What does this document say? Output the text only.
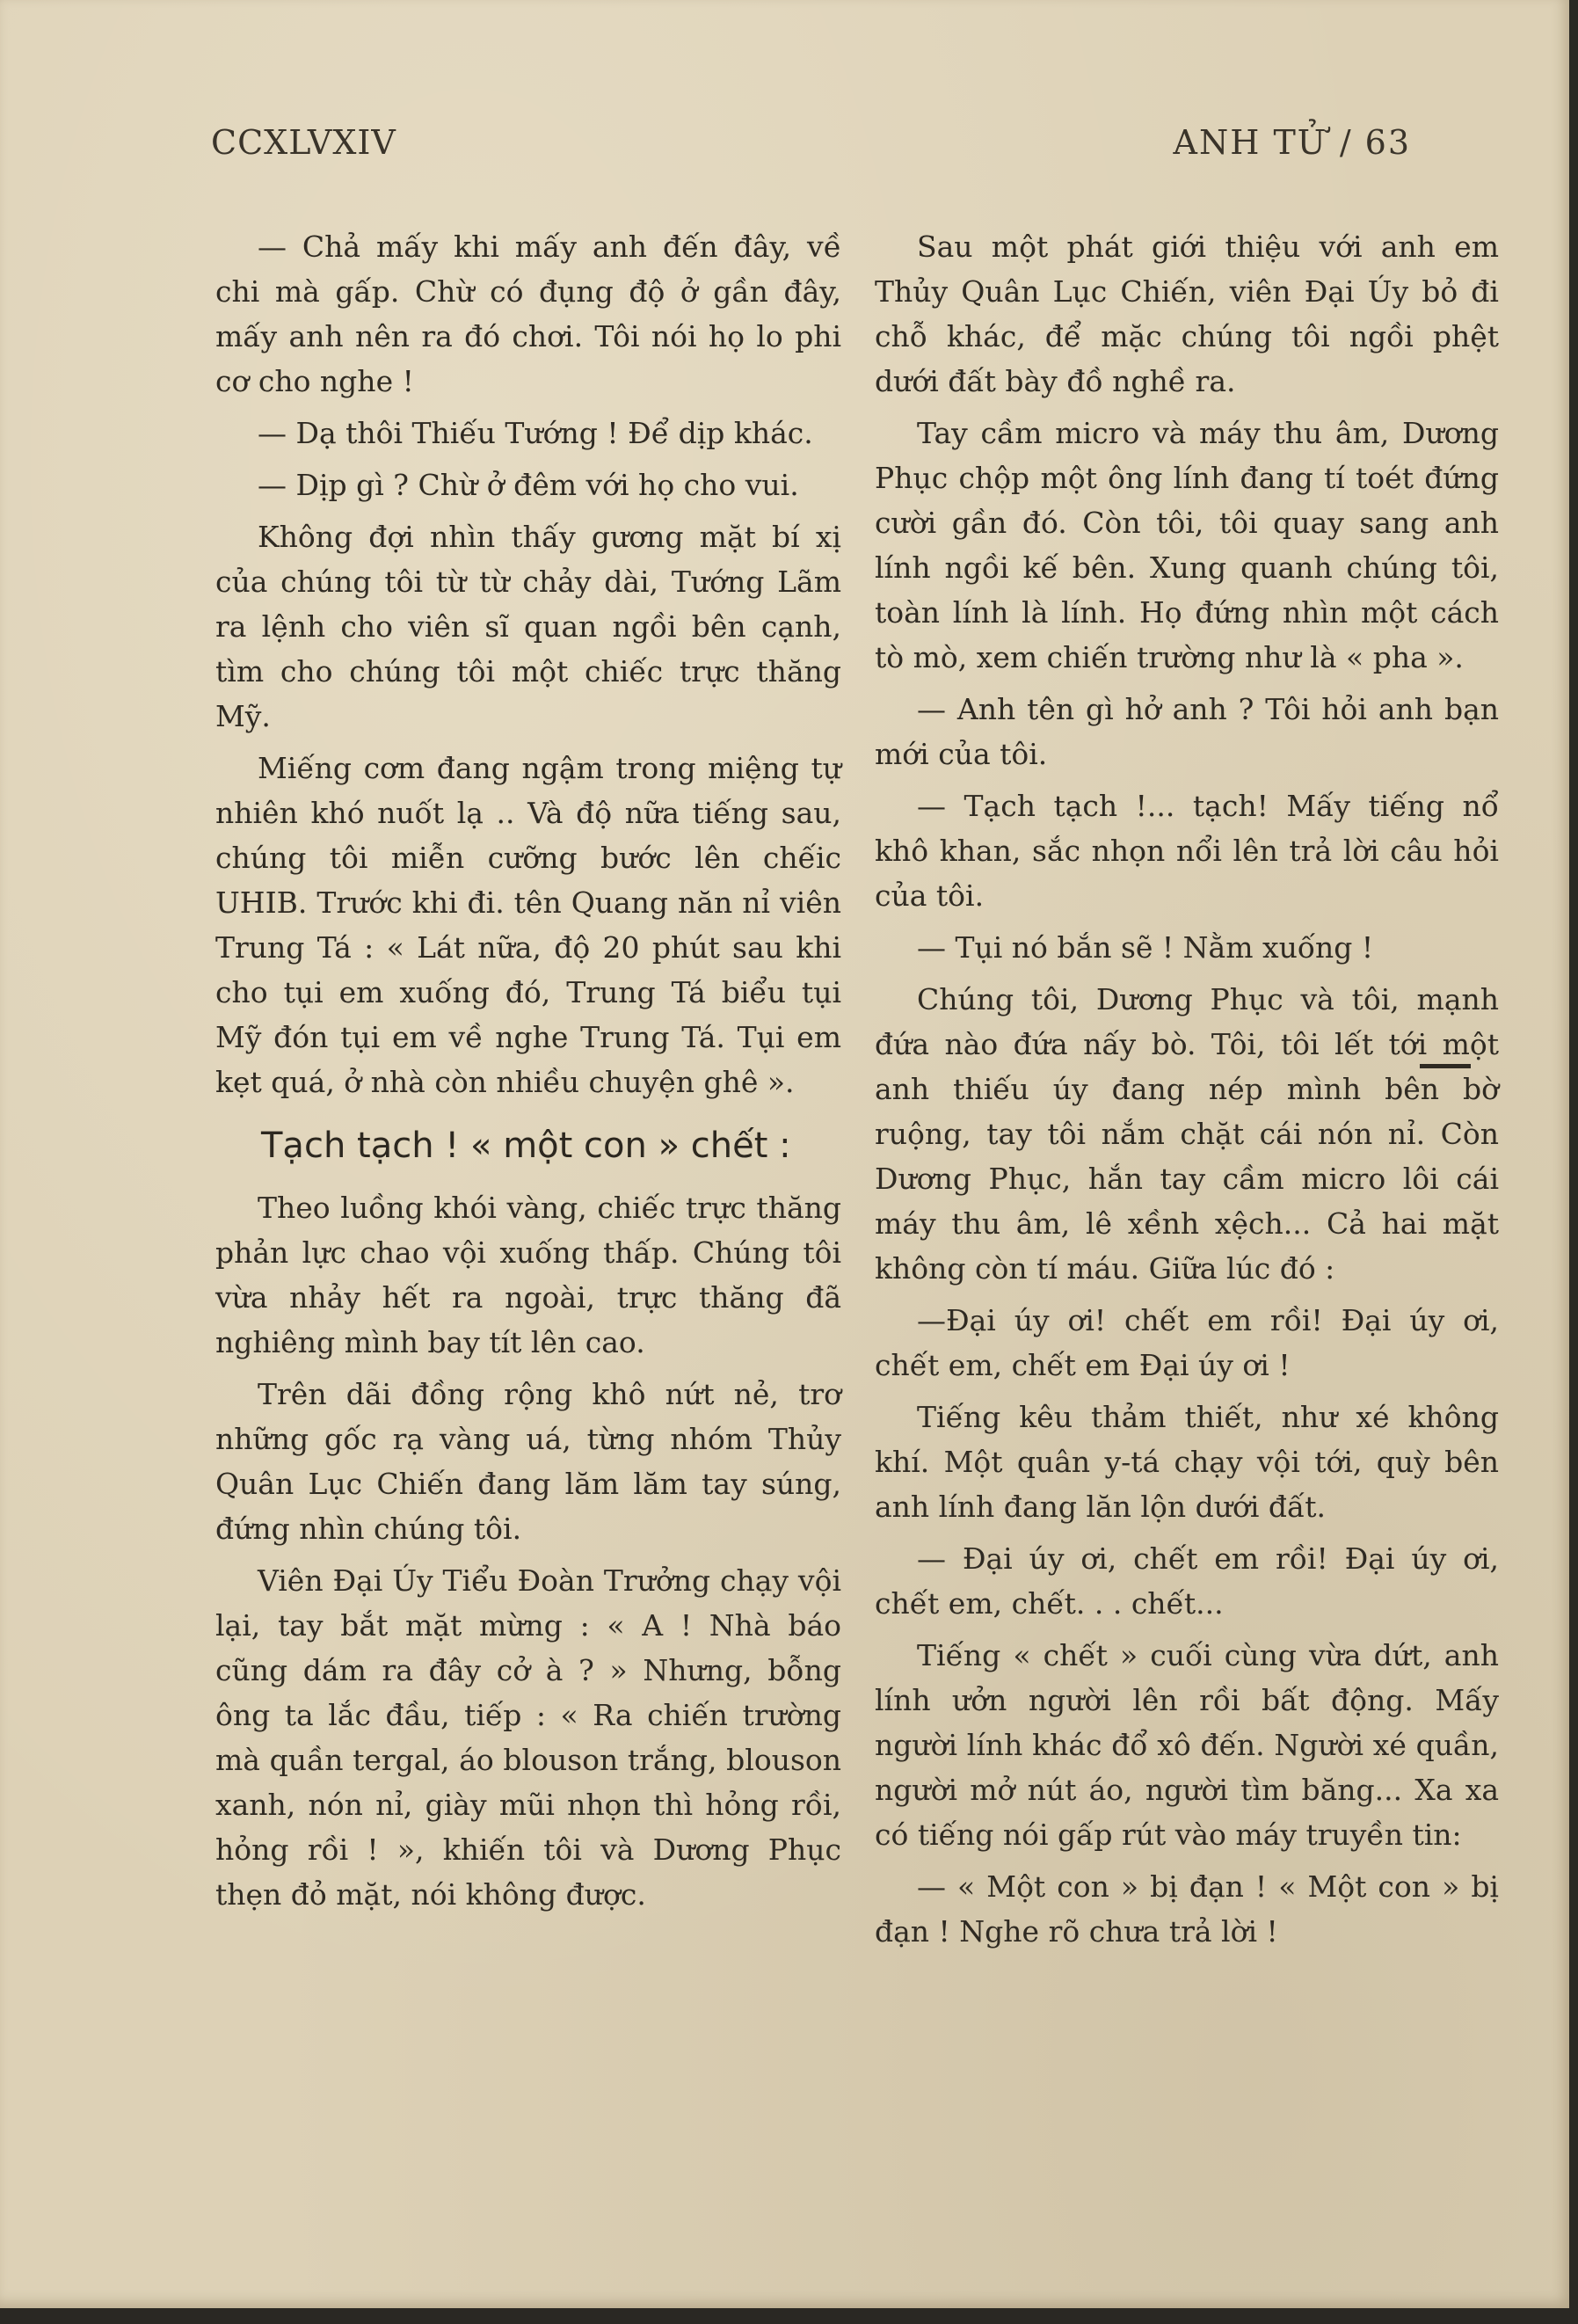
CCXLVXIV	ANH TỬ / 63

— Chả mấy khi mấy anh đến đây, về chi mà gấp. Chừ có đụng độ ở gần đây, mấy anh nên ra đó chơi. Tôi nói họ lo phi cơ cho nghe !

— Dạ thôi Thiếu Tướng ! Để dịp khác.

— Dịp gì ? Chừ ở đêm với họ cho vui.

Không đợi nhìn thấy gương mặt bí xị của chúng tôi từ từ chảy dài, Tướng Lãm ra lệnh cho viên sĩ quan ngồi bên cạnh, tìm cho chúng tôi một chiếc trực thăng Mỹ.

Miếng cơm đang ngậm trong miệng tự nhiên khó nuốt lạ .. Và độ nữa tiếng sau, chúng tôi miễn cưỡng bước lên chếic UHIB. Trước khi đi. tên Quang năn nỉ viên Trung Tá : « Lát nữa, độ 20 phút sau khi cho tụi em xuống đó, Trung Tá biểu tụi Mỹ đón tụi em về nghe Trung Tá. Tụi em kẹt quá, ở nhà còn nhiều chuyện ghê ».

Tạch tạch ! « một con » chết :

Theo luồng khói vàng, chiếc trực thăng phản lực chao vội xuống thấp. Chúng tôi vừa nhảy hết ra ngoài, trực thăng đã nghiêng mình bay tít lên cao.

Trên dãi đồng rộng khô nứt nẻ, trơ những gốc rạ vàng uá, từng nhóm Thủy Quân Lục Chiến đang lăm lăm tay súng, đứng nhìn chúng tôi.

Viên Đại Úy Tiểu Đoàn Trưởng chạy vội lại, tay bắt mặt mừng : « A ! Nhà báo cũng dám ra đây cở à ? » Nhưng, bỗng ông ta lắc đầu, tiếp : « Ra chiến trường mà quần tergal, áo blouson trắng, blouson xanh, nón nỉ, giày mũi nhọn thì hỏng rồi, hỏng rồi ! », khiến tôi và Dương Phục thẹn đỏ mặt, nói không được.

Sau một phát giới thiệu với anh em Thủy Quân Lục Chiến, viên Đại Úy bỏ đi chỗ khác, để mặc chúng tôi ngồi phệt dưới đất bày đồ nghề ra.

Tay cầm micro và máy thu âm, Dương Phục chộp một ông lính đang tí toét đứng cười gần đó. Còn tôi, tôi quay sang anh lính ngồi kế bên. Xung quanh chúng tôi, toàn lính là lính. Họ đứng nhìn một cách tò mò, xem chiến trường như là « pha ».

— Anh tên gì hở anh ? Tôi hỏi anh bạn mới của tôi.

— Tạch tạch !... tạch! Mấy tiếng nổ khô khan, sắc nhọn nổi lên trả lời câu hỏi của tôi.

— Tụi nó bắn sẽ ! Nằm xuống !

Chúng tôi, Dương Phục và tôi, mạnh đứa nào đứa nấy bò. Tôi, tôi lết tới một anh thiếu úy đang nép mình bên bờ ruộng, tay tôi nắm chặt cái nón nỉ. Còn Dương Phục, hắn tay cầm micro lôi cái máy thu âm, lê xềnh xệch... Cả hai mặt không còn tí máu. Giữa lúc đó :

—Đại úy ơi! chết em rồi! Đại úy ơi, chết em, chết em Đại úy ơi !

Tiếng kêu thảm thiết, như xé không khí. Một quân y-tá chạy vội tới, quỳ bên anh lính đang lăn lộn dưới đất.

— Đại úy ơi, chết em rồi! Đại úy ơi, chết em, chết. . . chết...

Tiếng « chết » cuối cùng vừa dứt, anh lính ưởn người lên rồi bất động. Mấy người lính khác đổ xô đến. Người xé quần, người mở nút áo, người tìm băng... Xa xa có tiếng nói gấp rút vào máy truyền tin:

— « Một con » bị đạn ! « Một con » bị đạn ! Nghe rõ chưa trả lời !
